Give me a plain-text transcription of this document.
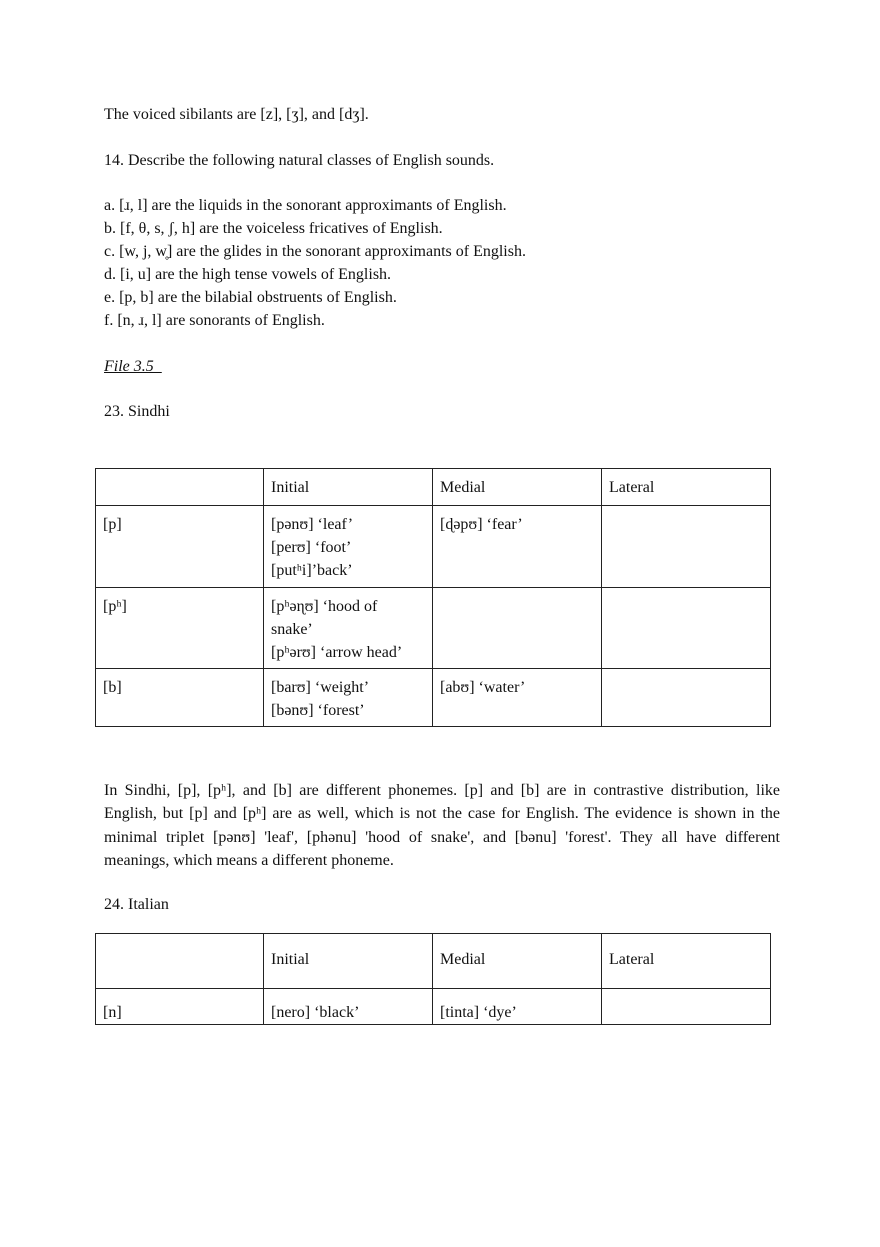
The voiced sibilants are [z], [ʒ], and [dʒ].

14. Describe the following natural classes of English sounds.

a. [ɹ, l] are the liquids in the sonorant approximants of English.
b. [f, θ, s, ʃ, h] are the voiceless fricatives of English.
c. [w, j, w̥] are the glides in the sonorant approximants of English.
d. [i, u] are the high tense vowels of English.
e. [p, b] are the bilabial obstruents of English.
f. [n, ɹ, l] are sonorants of English.

File 3.5

23. Sindhi

	Initial	Medial	Lateral
[p]	[pənʊ] ‘leaf’
[perʊ] ‘foot’
[putʰi]’back’	[ɖəpʊ] ‘fear’	

[pʰ]	[pʰəɳʊ] ‘hood of
snake’
[pʰərʊ] ‘arrow head’		

[b]	[barʊ] ‘weight’
[bənʊ] ‘forest’	[abʊ] ‘water’	

In Sindhi, [p], [pʰ], and [b] are different phonemes. [p] and [b] are in contrastive distribution, like English, but [p] and [pʰ] are as well, which is not the case for English. The evidence is shown in the minimal triplet [pənʊ] 'leaf', [phənu] 'hood of snake', and [bənu] 'forest'. They all have different meanings, which means a different phoneme.

24. Italian

	Initial	Medial	Lateral
[n]	[nero] ‘black’	[tinta] ‘dye’	
